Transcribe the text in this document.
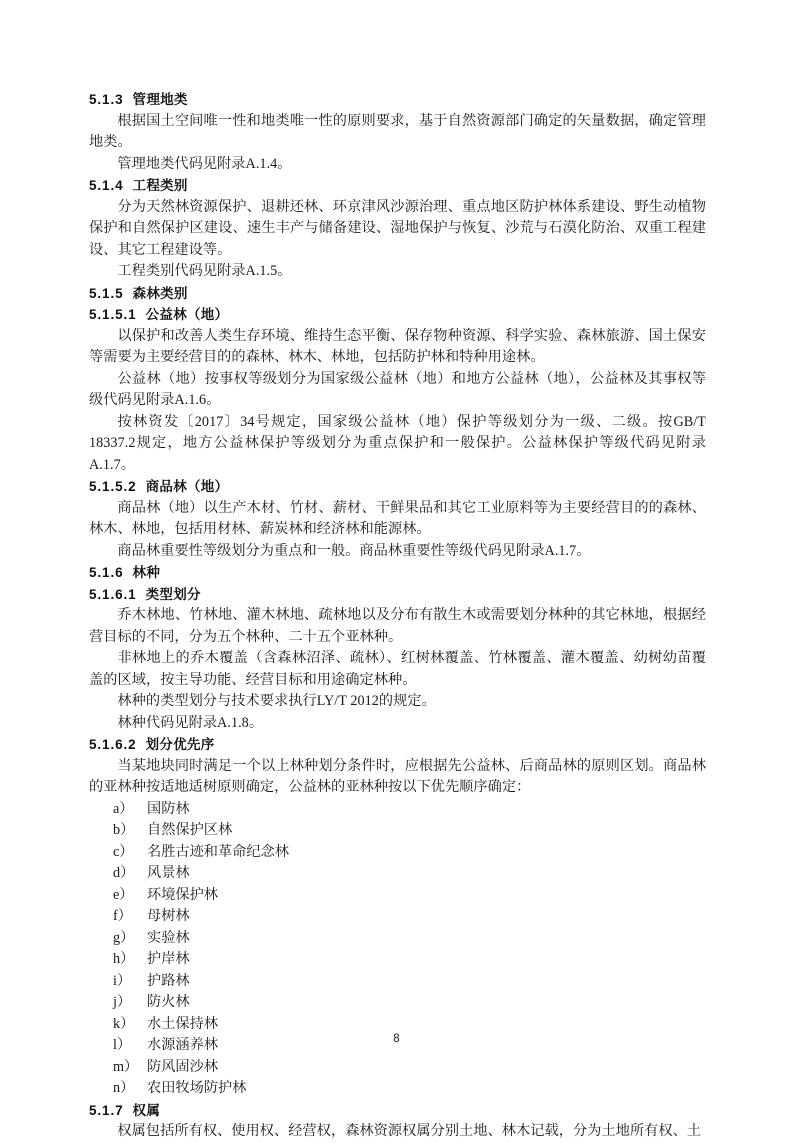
5.1.3 管理地类

根据国土空间唯一性和地类唯一性的原则要求，基于自然资源部门确定的矢量数据，确定管理地类。

管理地类代码见附录A.1.4。

5.1.4 工程类别

分为天然林资源保护、退耕还林、环京津风沙源治理、重点地区防护林体系建设、野生动植物保护和自然保护区建设、速生丰产与储备建设、湿地保护与恢复、沙荒与石漠化防治、双重工程建设、其它工程建设等。

工程类别代码见附录A.1.5。

5.1.5 森林类别
5.1.5.1 公益林（地）

以保护和改善人类生存环境、维持生态平衡、保存物种资源、科学实验、森林旅游、国土保安等需要为主要经营目的的森林、林木、林地，包括防护林和特种用途林。

公益林（地）按事权等级划分为国家级公益林（地）和地方公益林（地），公益林及其事权等级代码见附录A.1.6。

按林资发〔2017〕34号规定，国家级公益林（地）保护等级划分为一级、二级。按GB/T 18337.2规定，地方公益林保护等级划分为重点保护和一般保护。公益林保护等级代码见附录A.1.7。

5.1.5.2 商品林（地）

商品林（地）以生产木材、竹材、薪材、干鲜果品和其它工业原料等为主要经营目的的森林、林木、林地，包括用材林、薪炭林和经济林和能源林。

商品林重要性等级划分为重点和一般。商品林重要性等级代码见附录A.1.7。

5.1.6 林种
5.1.6.1 类型划分

乔木林地、竹林地、灌木林地、疏林地以及分布有散生木或需要划分林种的其它林地，根据经营目标的不同，分为五个林种、二十五个亚林种。

非林地上的乔木覆盖（含森林沼泽、疏林）、红树林覆盖、竹林覆盖、灌木覆盖、幼树幼苗覆盖的区域，按主导功能、经营目标和用途确定林种。

林种的类型划分与技术要求执行LY/T 2012的规定。

林种代码见附录A.1.8。

5.1.6.2 划分优先序

当某地块同时满足一个以上林种划分条件时，应根据先公益林、后商品林的原则区划。商品林的亚林种按适地适树原则确定，公益林的亚林种按以下优先顺序确定：

a） 国防林
b） 自然保护区林
c） 名胜古迹和革命纪念林
d） 风景林
e） 环境保护林
f） 母树林
g） 实验林
h） 护岸林
i） 护路林
j） 防火林
k） 水土保持林
l） 水源涵养林
m） 防风固沙林
n） 农田牧场防护林
5.1.7 权属

权属包括所有权、使用权、经营权，森林资源权属分别土地、林木记载，分为土地所有权、土

8
